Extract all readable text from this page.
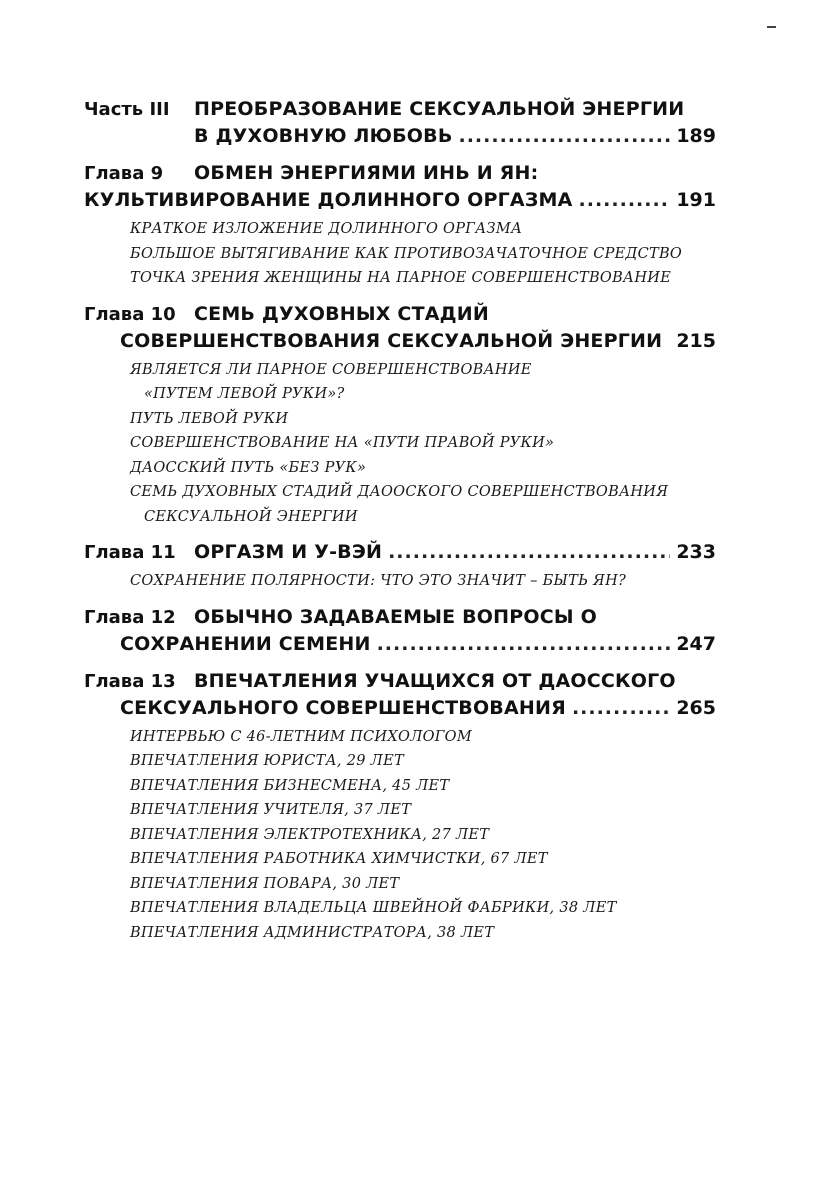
Часть III	ПРЕОБРАЗОВАНИЕ СЕКСУАЛЬНОЙ ЭНЕРГИИ
В ДУХОВНУЮ ЛЮБОВЬ .....	189
Глава 9	ОБМЕН ЭНЕРГИЯМИ ИНЬ И ЯН:
КУЛЬТИВИРОВАНИЕ ДОЛИННОГО ОРГАЗМА .....	191
КРАТКОЕ ИЗЛОЖЕНИЕ ДОЛИННОГО ОРГАЗМА
БОЛЬШОЕ ВЫТЯГИВАНИЕ КАК ПРОТИВОЗАЧАТОЧНОЕ СРЕДСТВО
ТОЧКА ЗРЕНИЯ ЖЕНЩИНЫ НА ПАРНОЕ СОВЕРШЕНСТВОВАНИЕ
Глава 10 СЕМЬ ДУХОВНЫХ СТАДИЙ
СОВЕРШЕНСТВОВАНИЯ СЕКСУАЛЬНОЙ ЭНЕРГИИ ..... 215
ЯВЛЯЕТСЯ ЛИ ПАРНОЕ СОВЕРШЕНСТВОВАНИЕ
«ПУТЕМ ЛЕВОЙ РУКИ»?
ПУТЬ ЛЕВОЙ РУКИ
СОВЕРШЕНСТВОВАНИЕ НА «ПУТИ ПРАВОЙ РУКИ»
ДАОССКИЙ ПУТЬ «БЕЗ РУК»
СЕМЬ ДУХОВНЫХ СТАДИЙ ДАООСКОГО СОВЕРШЕНСТВОВАНИЯ
СЕКСУАЛЬНОЙ ЭНЕРГИИ
Глава 11 ОРГАЗМ И У-ВЭЙ .....	233
СОХРАНЕНИЕ ПОЛЯРНОСТИ: ЧТО ЭТО ЗНАЧИТ – БЫТЬ ЯН?
Глава 12 ОБЫЧНО ЗАДАВАЕМЫЕ ВОПРОСЫ О
СОХРАНЕНИИ СЕМЕНИ .....	247
Глава 13 ВПЕЧАТЛЕНИЯ УЧАЩИХСЯ ОТ ДАОССКОГО
СЕКСУАЛЬНОГО СОВЕРШЕНСТВОВАНИЯ .....	265
ИНТЕРВЬЮ С 46-ЛЕТНИМ ПСИХОЛОГОМ
ВПЕЧАТЛЕНИЯ ЮРИСТА, 29 ЛЕТ
ВПЕЧАТЛЕНИЯ БИЗНЕСМЕНА, 45 ЛЕТ
ВПЕЧАТЛЕНИЯ УЧИТЕЛЯ, 37 ЛЕТ
ВПЕЧАТЛЕНИЯ ЭЛЕКТРОТЕХНИКА, 27 ЛЕТ
ВПЕЧАТЛЕНИЯ РАБОТНИКА ХИМЧИСТКИ, 67 ЛЕТ
ВПЕЧАТЛЕНИЯ ПОВАРА, 30 ЛЕТ
ВПЕЧАТЛЕНИЯ ВЛАДЕЛЬЦА ШВЕЙНОЙ ФАБРИКИ, 38 ЛЕТ
ВПЕЧАТЛЕНИЯ АДМИНИСТРАТОРА, 38 ЛЕТ
